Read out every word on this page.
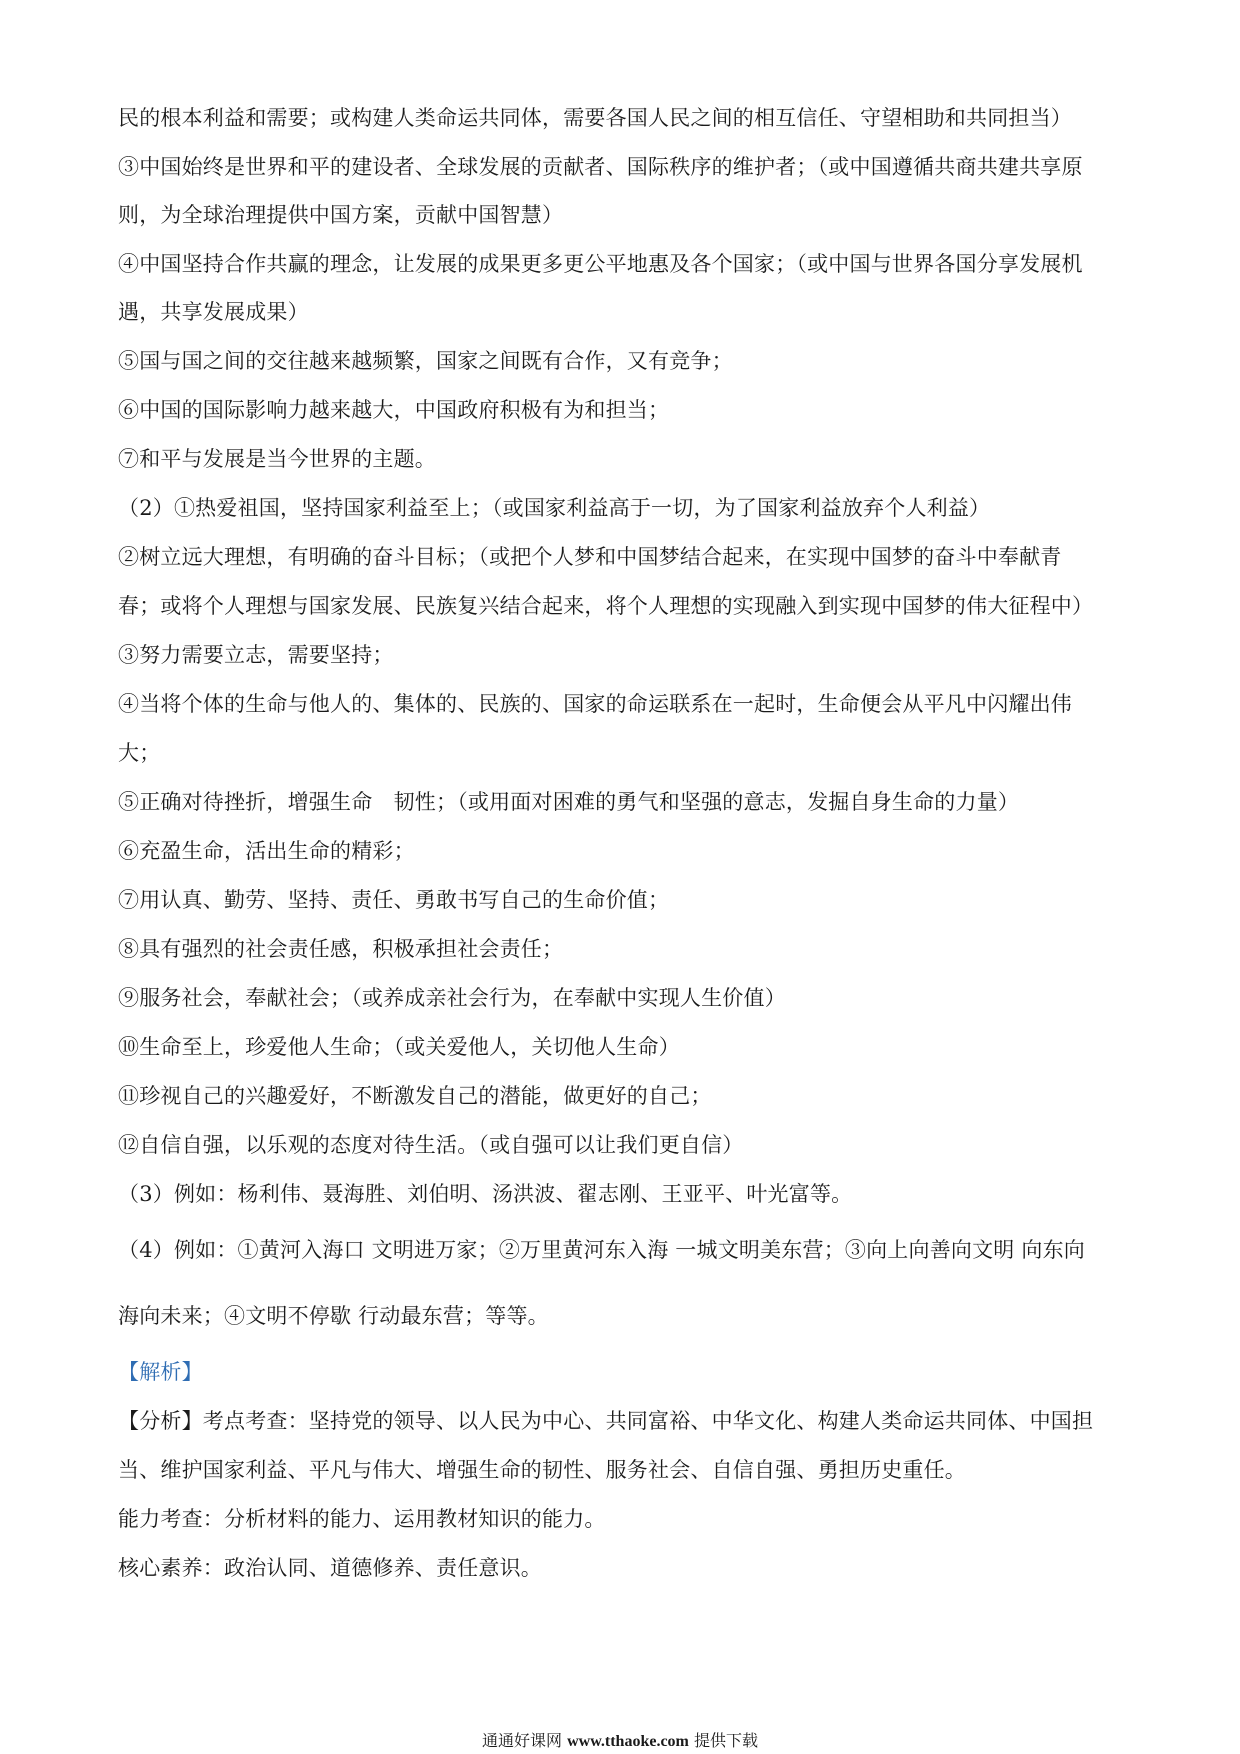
民的根本利益和需要；或构建人类命运共同体，需要各国人民之间的相互信任、守望相助和共同担当）
③中国始终是世界和平的建设者、全球发展的贡献者、国际秩序的维护者；（或中国遵循共商共建共享原
则，为全球治理提供中国方案，贡献中国智慧）
④中国坚持合作共赢的理念，让发展的成果更多更公平地惠及各个国家；（或中国与世界各国分享发展机
遇，共享发展成果）
⑤国与国之间的交往越来越频繁，国家之间既有合作，又有竞争；
⑥中国的国际影响力越来越大，中国政府积极有为和担当；
⑦和平与发展是当今世界的主题。
（2）①热爱祖国，坚持国家利益至上；（或国家利益高于一切，为了国家利益放弃个人利益）
②树立远大理想，有明确的奋斗目标；（或把个人梦和中国梦结合起来，在实现中国梦的奋斗中奉献青
春；或将个人理想与国家发展、民族复兴结合起来，将个人理想的实现融入到实现中国梦的伟大征程中）
③努力需要立志，需要坚持；
④当将个体的生命与他人的、集体的、民族的、国家的命运联系在一起时，生命便会从平凡中闪耀出伟
大；
⑤正确对待挫折，增强生命　韧性；（或用面对困难的勇气和坚强的意志，发掘自身生命的力量）
⑥充盈生命，活出生命的精彩；
⑦用认真、勤劳、坚持、责任、勇敢书写自己的生命价值；
⑧具有强烈的社会责任感，积极承担社会责任；
⑨服务社会，奉献社会；（或养成亲社会行为，在奉献中实现人生价值）
⑩生命至上，珍爱他人生命；（或关爱他人，关切他人生命）
⑪珍视自己的兴趣爱好，不断激发自己的潜能，做更好的自己；
⑫自信自强，以乐观的态度对待生活。（或自强可以让我们更自信）
（3）例如：杨利伟、聂海胜、刘伯明、汤洪波、翟志刚、王亚平、叶光富等。
（4）例如：①黄河入海口 文明进万家；②万里黄河东入海 一城文明美东营；③向上向善向文明 向东向
海向未来；④文明不停歇 行动最东营；等等。
【解析】
【分析】考点考查：坚持党的领导、以人民为中心、共同富裕、中华文化、构建人类命运共同体、中国担
当、维护国家利益、平凡与伟大、增强生命的韧性、服务社会、自信自强、勇担历史重任。
能力考查：分析材料的能力、运用教材知识的能力。
核心素养：政治认同、道德修养、责任意识。
通通好课网 www.tthaoke.com 提供下载
